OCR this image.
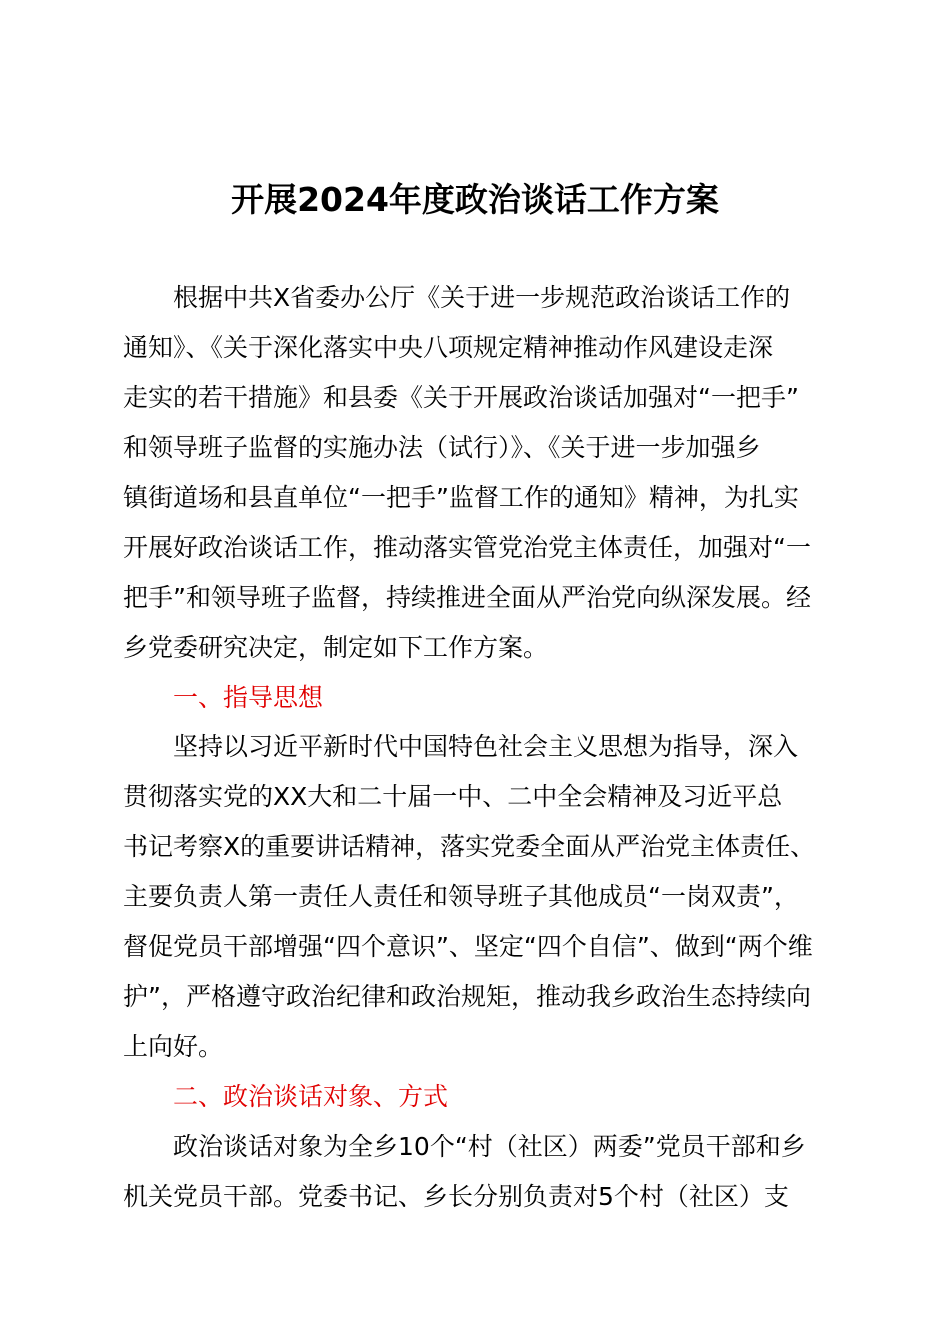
开展2024年度政治谈话工作方案

　　根据中共X省委办公厅《关于进一步规范政治谈话工作的

通知》、《关于深化落实中央八项规定精神推动作风建设走深

走实的若干措施》和县委《关于开展政治谈话加强对“一把手”

和领导班子监督的实施办法（试行）》、《关于进一步加强乡

镇街道场和县直单位“一把手”监督工作的通知》精神，为扎实

开展好政治谈话工作，推动落实管党治党主体责任，加强对“一

把手”和领导班子监督，持续推进全面从严治党向纵深发展。经

乡党委研究决定，制定如下工作方案。

　　一、指导思想

　　坚持以习近平新时代中国特色社会主义思想为指导，深入

贯彻落实党的XX大和二十届一中、二中全会精神及习近平总

书记考察X的重要讲话精神，落实党委全面从严治党主体责任、

主要负责人第一责任人责任和领导班子其他成员“一岗双责”，

督促党员干部增强“四个意识”、坚定“四个自信”、做到“两个维

护”，严格遵守政治纪律和政治规矩，推动我乡政治生态持续向

上向好。

　　二、政治谈话对象、方式

　　政治谈话对象为全乡10个“村（社区）两委”党员干部和乡

机关党员干部。党委书记、乡长分别负责对5个村（社区）支
